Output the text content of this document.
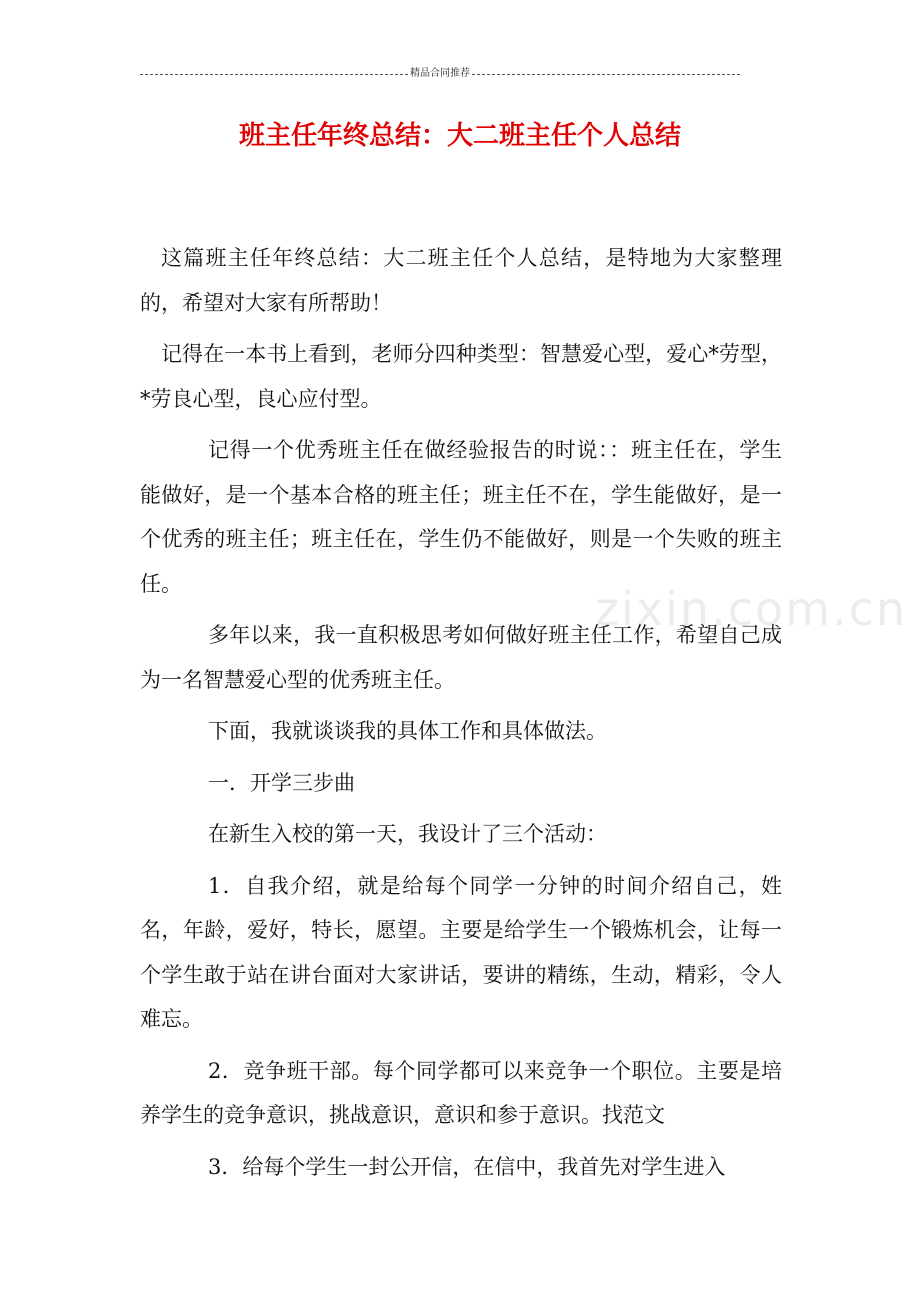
精品合同推荐
班主任年终总结：大二班主任个人总结
zixin.com.cn

这篇班主任年终总结：大二班主任个人总结，是特地为大家整理的，希望对大家有所帮助！

记得在一本书上看到，老师分四种类型：智慧爱心型，爱心*劳型，*劳良心型，良心应付型。

记得一个优秀班主任在做经验报告的时说：：班主任在，学生能做好，是一个基本合格的班主任；班主任不在，学生能做好，是一个优秀的班主任；班主任在，学生仍不能做好，则是一个失败的班主任。

多年以来，我一直积极思考如何做好班主任工作，希望自己成为一名智慧爱心型的优秀班主任。

下面，我就谈谈我的具体工作和具体做法。

一．开学三步曲

在新生入校的第一天，我设计了三个活动：

1．自我介绍，就是给每个同学一分钟的时间介绍自己，姓名，年龄，爱好，特长，愿望。主要是给学生一个锻炼机会，让每一个学生敢于站在讲台面对大家讲话，要讲的精练，生动，精彩，令人难忘。

2．竞争班干部。每个同学都可以来竞争一个职位。主要是培养学生的竞争意识，挑战意识，意识和参于意识。找范文

3．给每个学生一封公开信，在信中，我首先对学生进入
